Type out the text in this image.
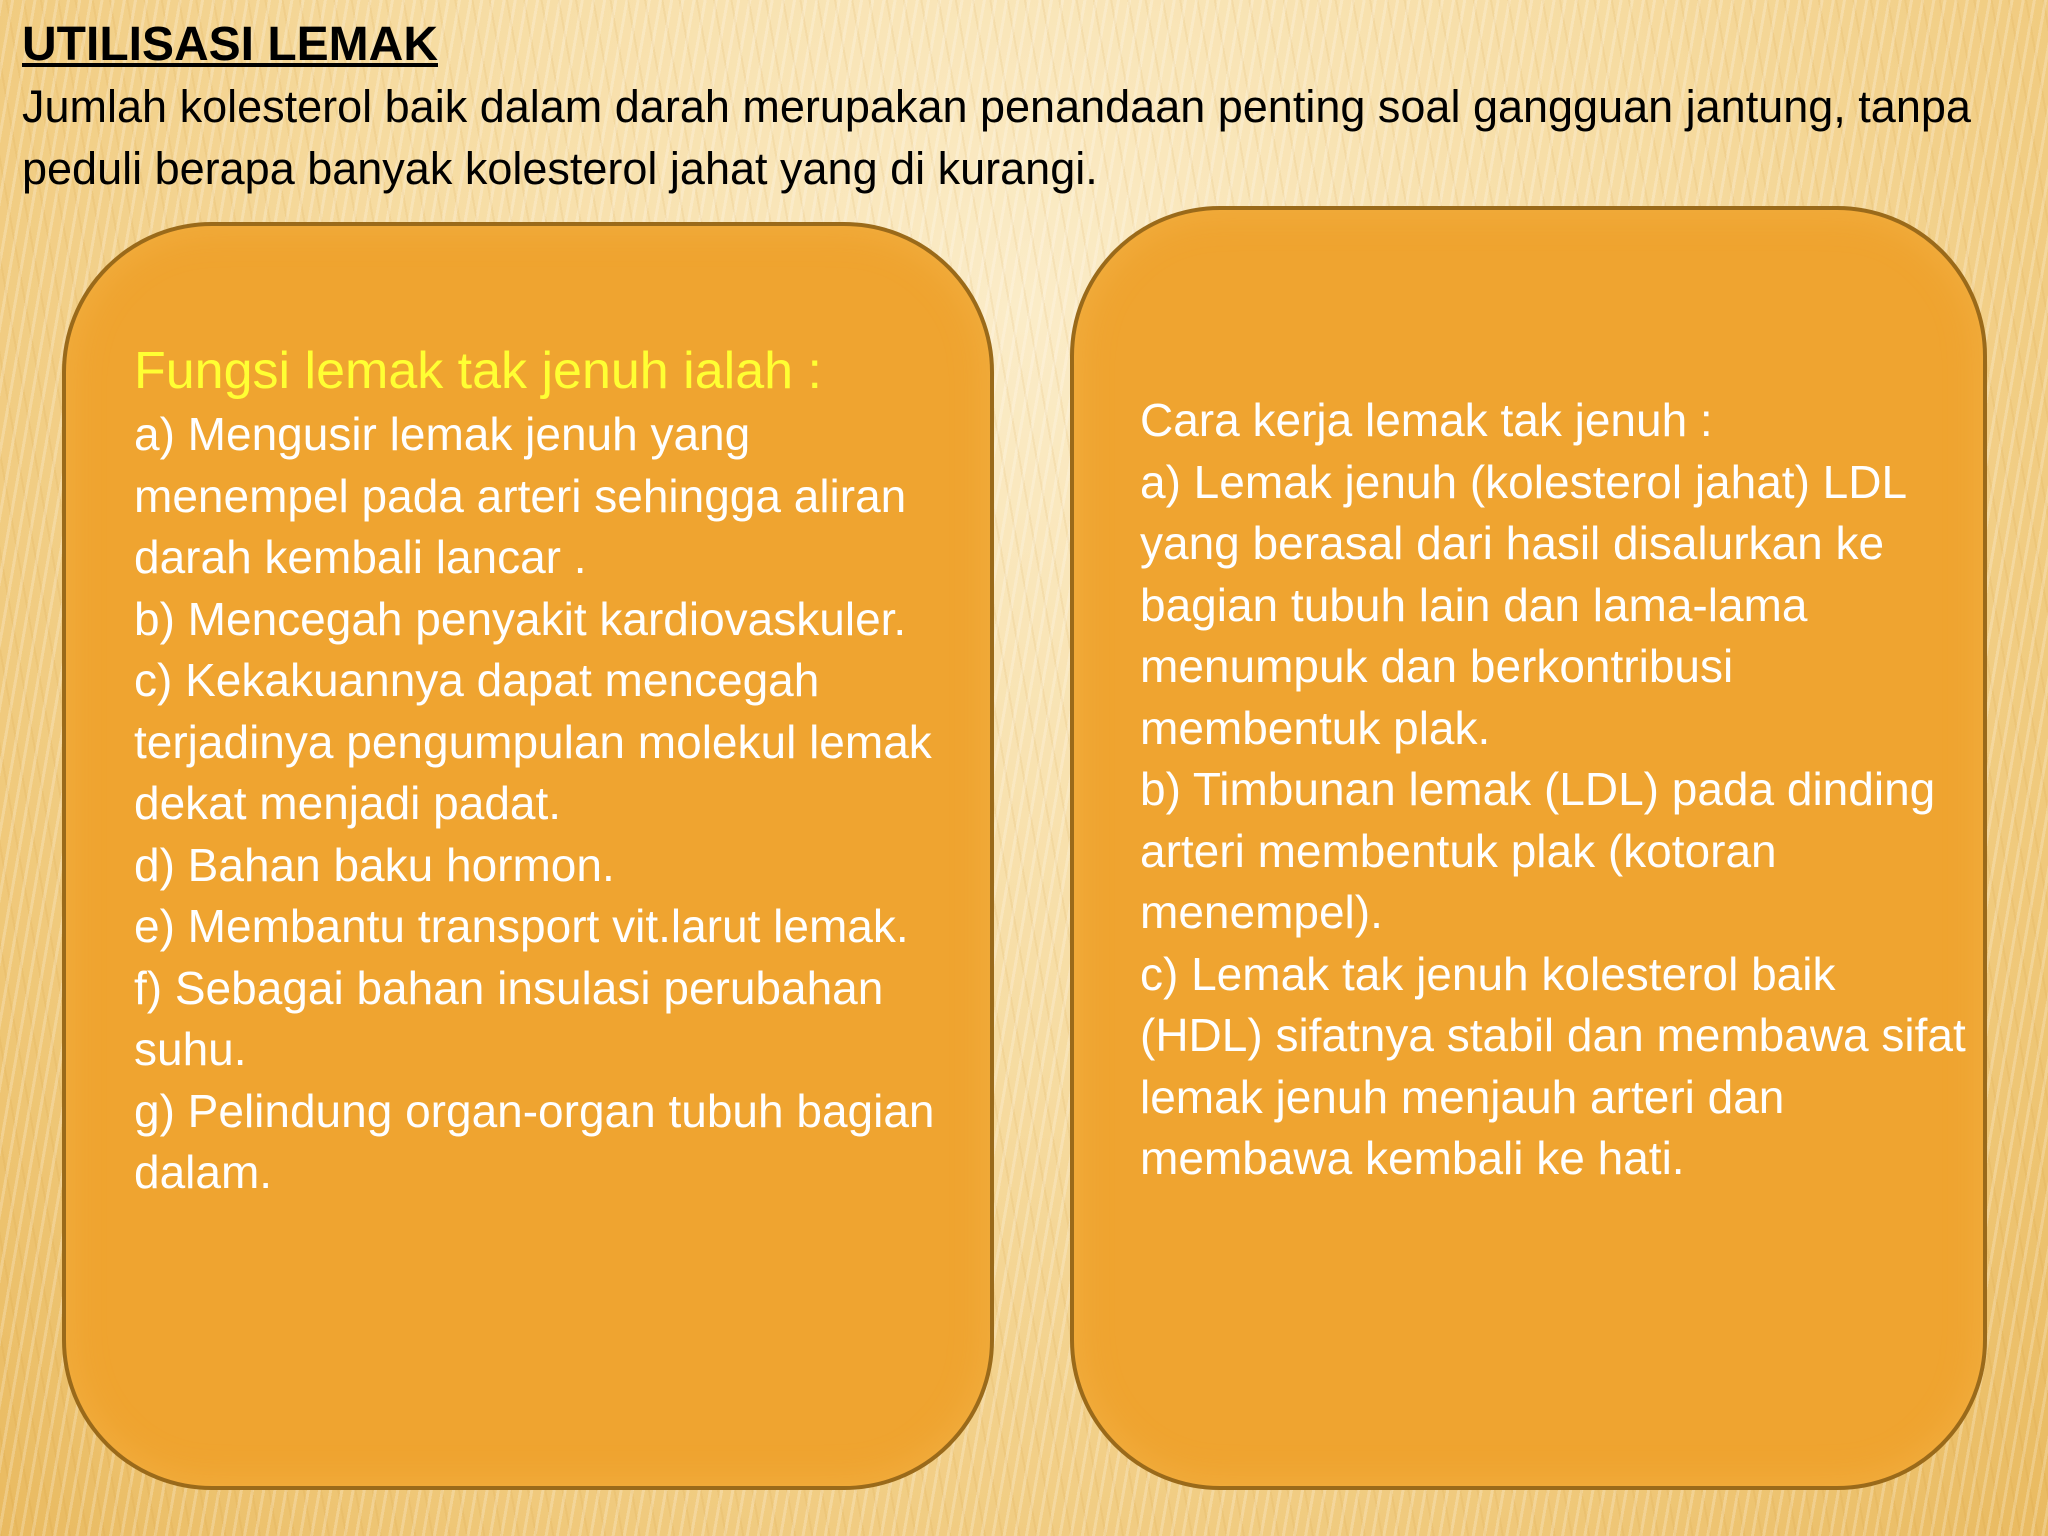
UTILISASI LEMAK

Jumlah kolesterol baik dalam darah merupakan penandaan penting soal gangguan jantung, tanpa peduli berapa banyak kolesterol jahat yang di kurangi.

Fungsi lemak tak jenuh ialah :

a) Mengusir lemak jenuh yang menempel pada arteri sehingga aliran darah kembali lancar .

b) Mencegah penyakit kardiovaskuler.

c) Kekakuannya dapat mencegah terjadinya pengumpulan molekul lemak dekat menjadi padat.

d) Bahan baku hormon.

e) Membantu transport vit.larut lemak.

f) Sebagai bahan insulasi perubahan suhu.

g) Pelindung organ-organ tubuh bagian dalam.

Cara kerja lemak tak jenuh :

a) Lemak jenuh (kolesterol jahat) LDL yang berasal dari hasil disalurkan ke bagian tubuh lain dan lama-lama menumpuk dan berkontribusi membentuk plak.

b) Timbunan lemak (LDL) pada dinding arteri membentuk plak (kotoran menempel).

c) Lemak tak jenuh kolesterol baik (HDL) sifatnya stabil dan membawa sifat lemak jenuh menjauh arteri dan membawa kembali ke hati.
